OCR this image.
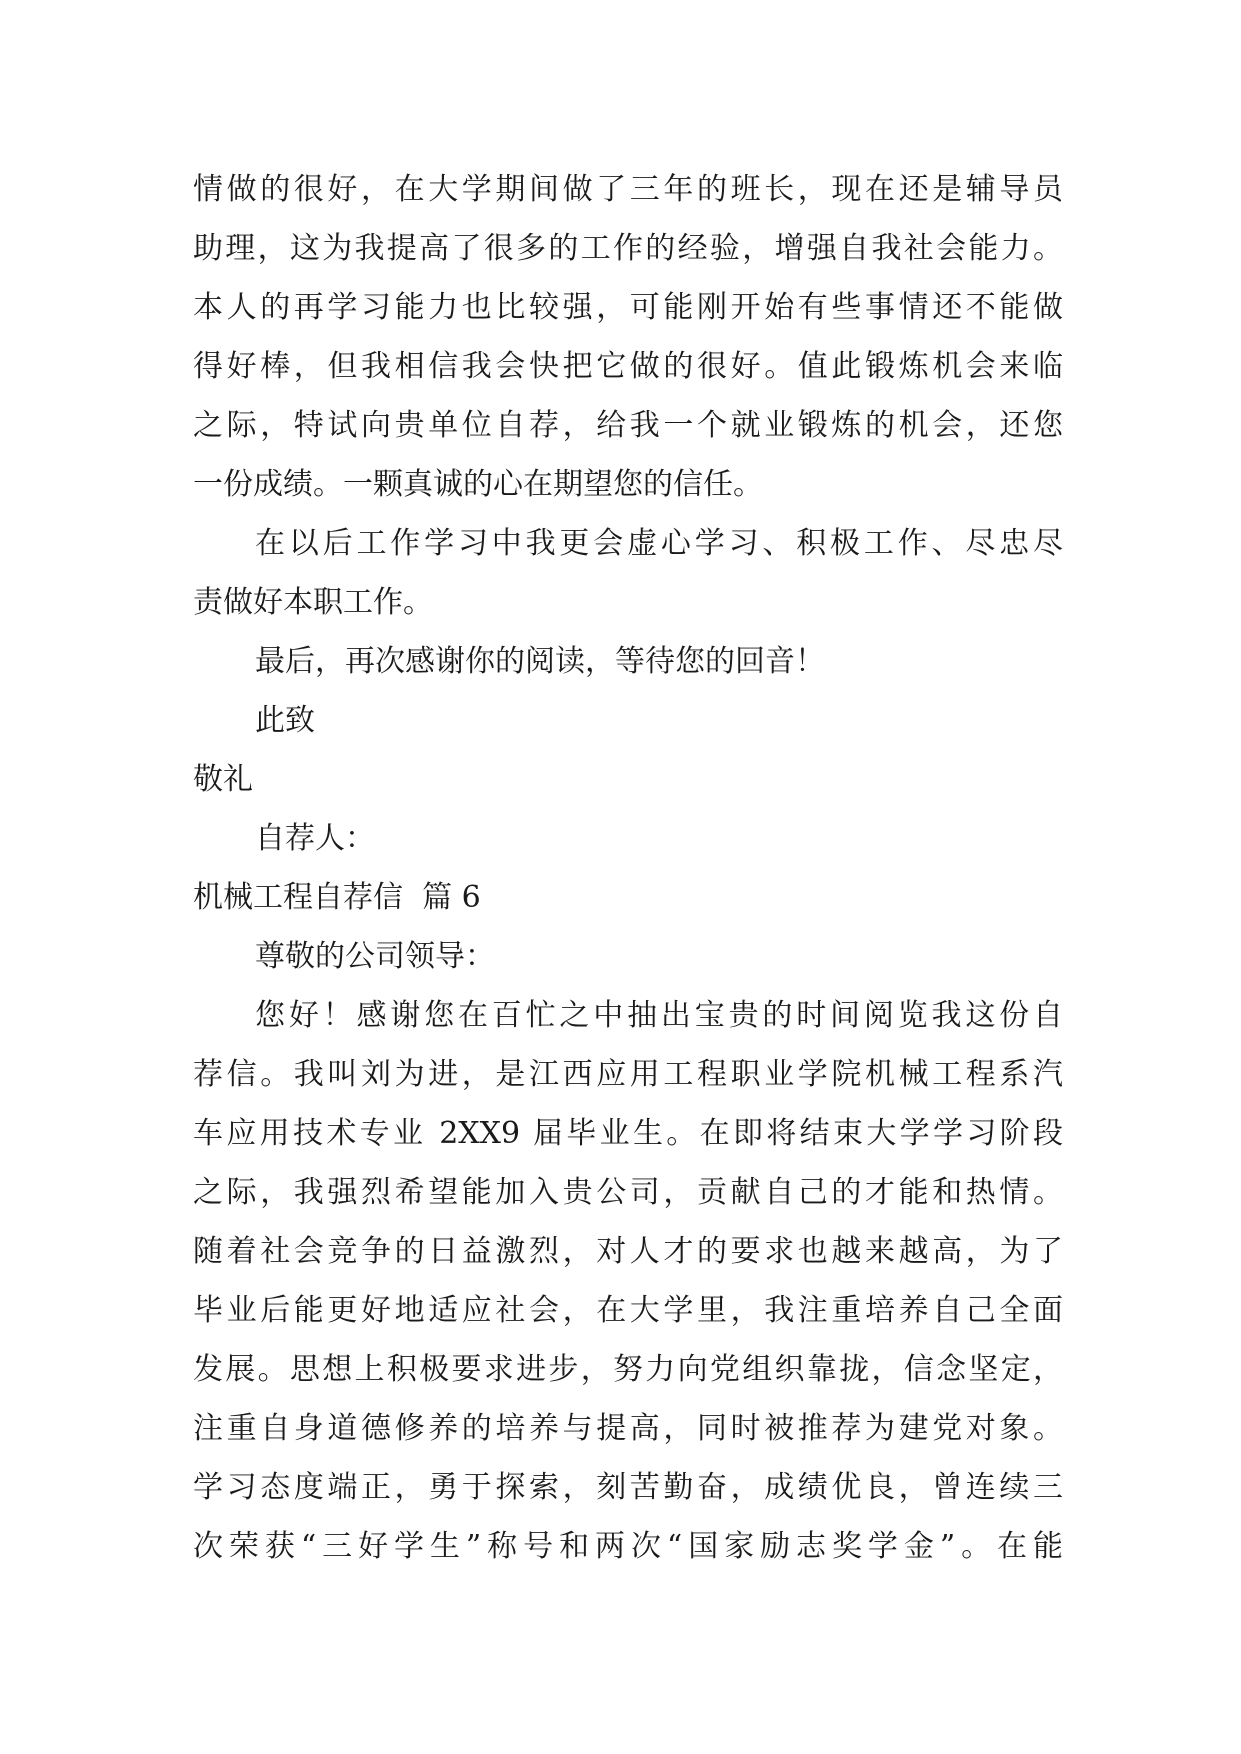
情做的很好，在大学期间做了三年的班长，现在还是辅导员
助理，这为我提高了很多的工作的经验，增强自我社会能力。
本人的再学习能力也比较强，可能刚开始有些事情还不能做
得好棒，但我相信我会快把它做的很好。值此锻炼机会来临
之际，特试向贵单位自荐，给我一个就业锻炼的机会，还您
一份成绩。一颗真诚的心在期望您的信任。
在以后工作学习中我更会虚心学习、积极工作、尽忠尽
责做好本职工作。
最后，再次感谢你的阅读，等待您的回音！
此致
敬礼
自荐人：
机械工程自荐信  篇 6
尊敬的公司领导：
您好！感谢您在百忙之中抽出宝贵的时间阅览我这份自
荐信。我叫刘为进，是江西应用工程职业学院机械工程系汽
车应用技术专业 2XX9 届毕业生。在即将结束大学学习阶段
之际，我强烈希望能加入贵公司，贡献自己的才能和热情。
随着社会竞争的日益激烈，对人才的要求也越来越高，为了
毕业后能更好地适应社会，在大学里，我注重培养自己全面
发展。思想上积极要求进步，努力向党组织靠拢，信念坚定，
注重自身道德修养的培养与提高，同时被推荐为建党对象。
学习态度端正，勇于探索，刻苦勤奋，成绩优良，曾连续三
次荣获“三好学生”称号和两次“国家励志奖学金”。在能
